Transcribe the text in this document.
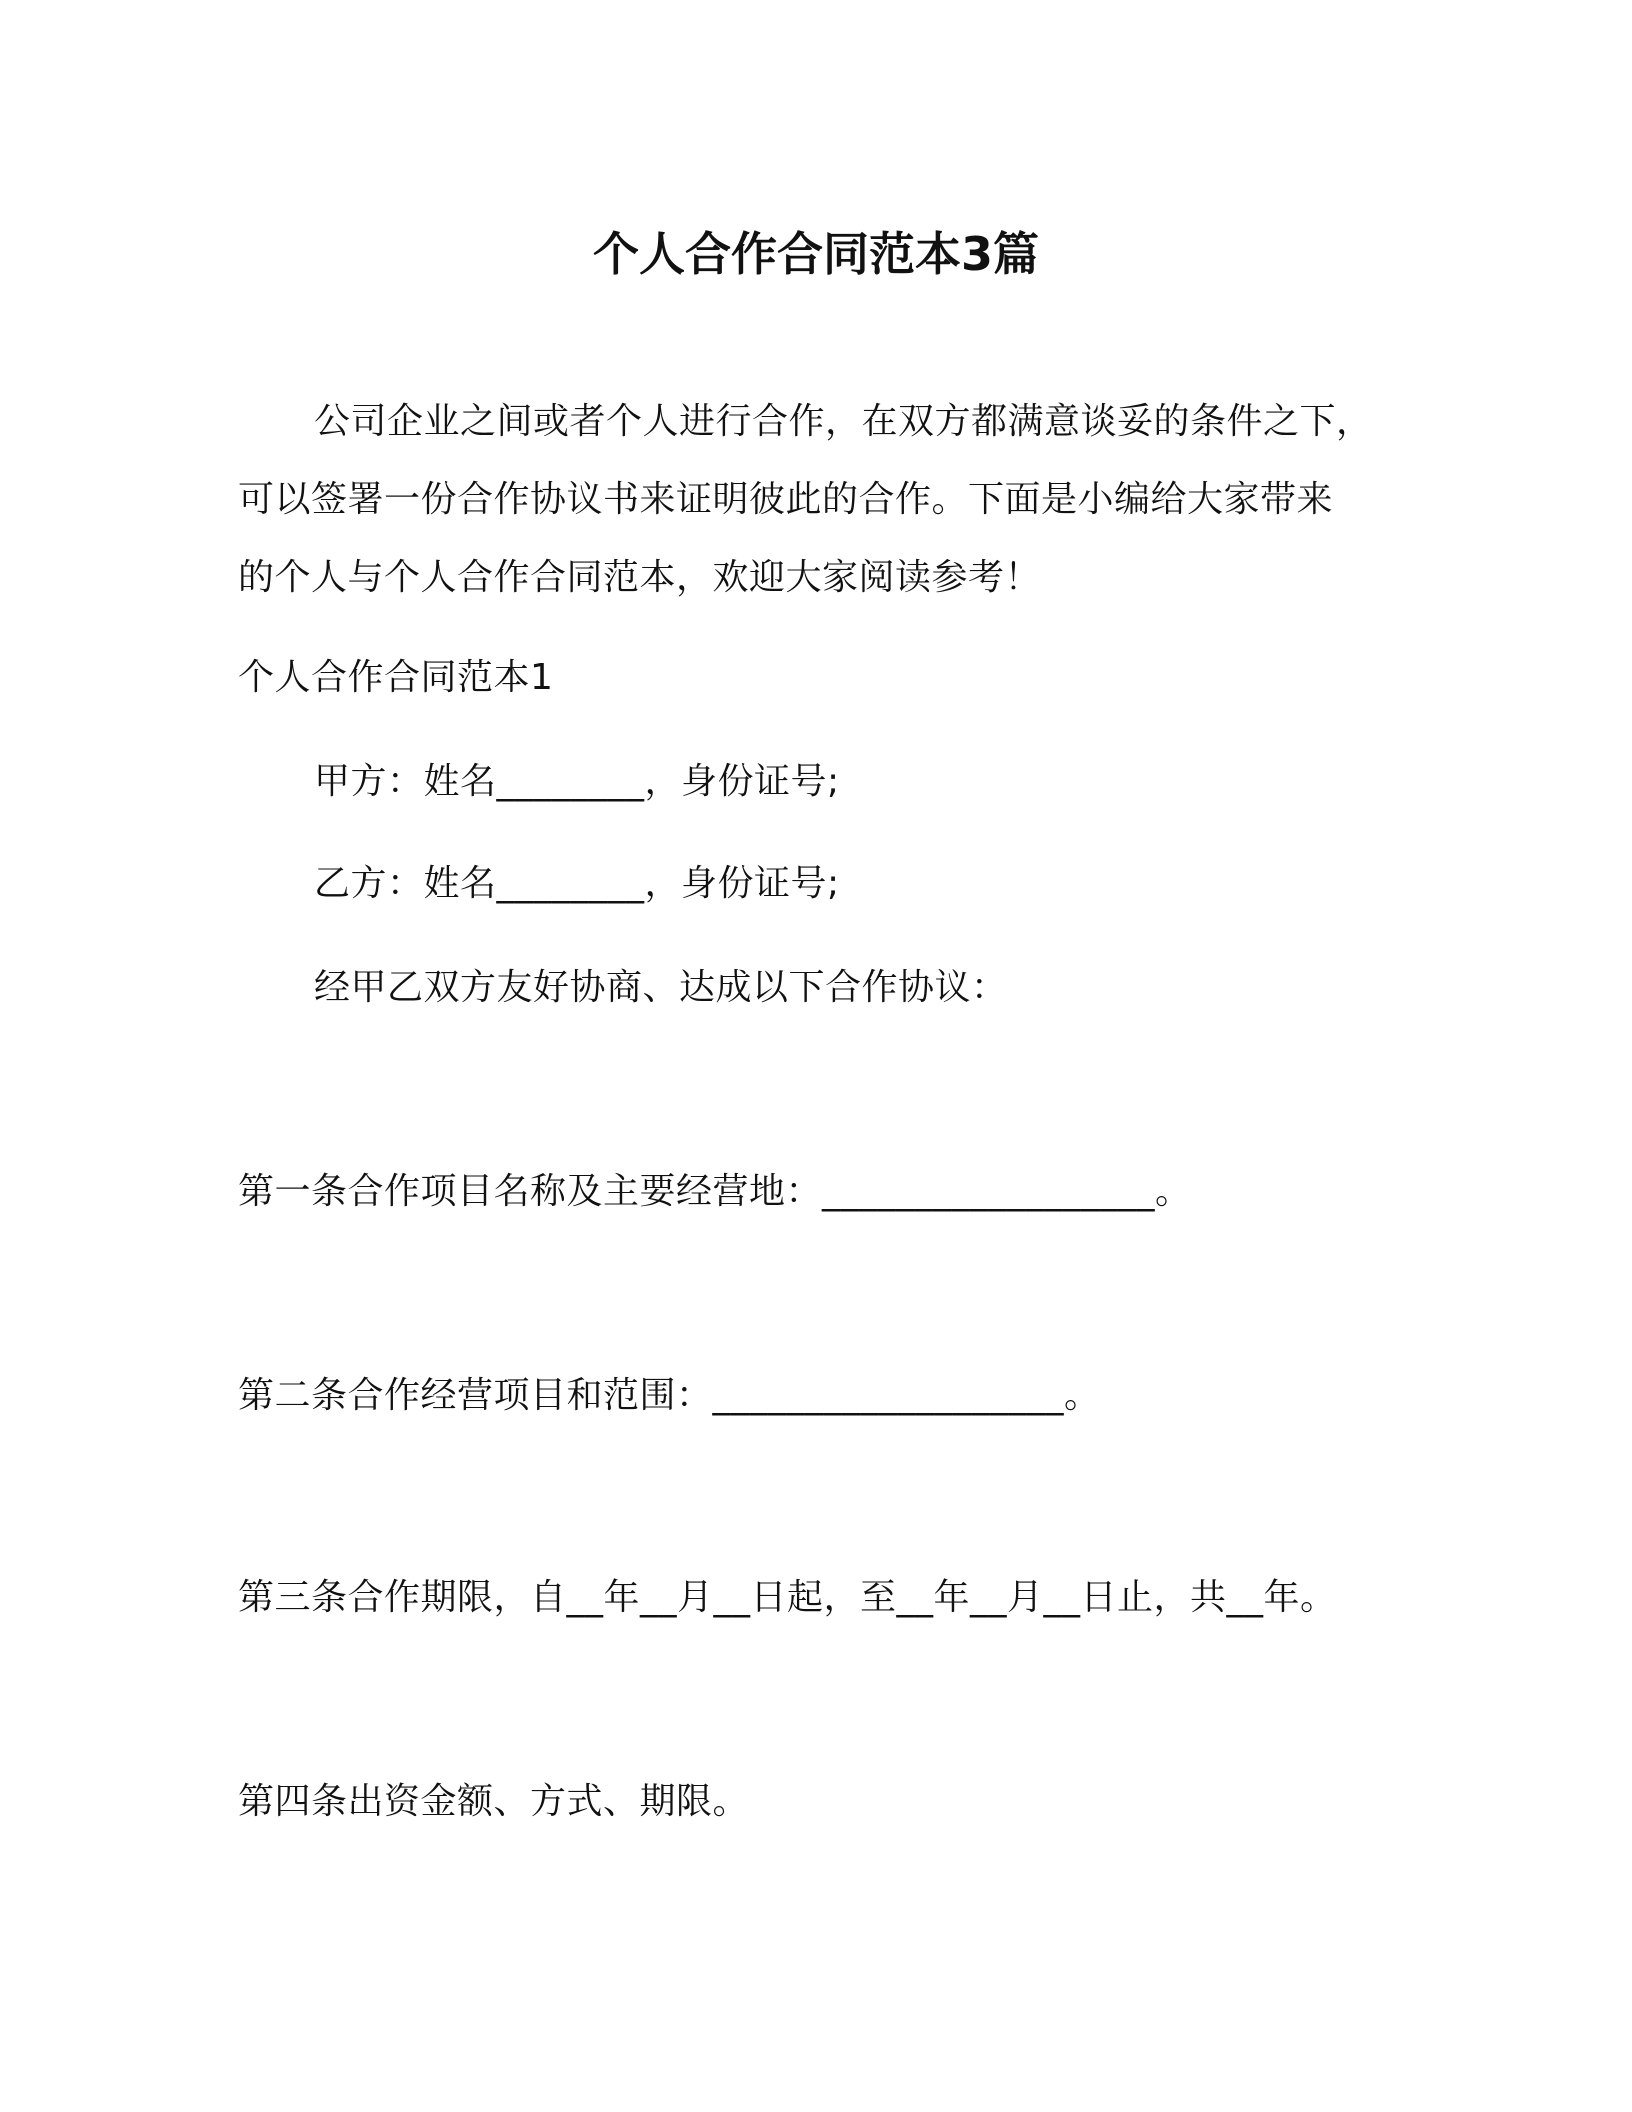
个人合作合同范本3篇
公司企业之间或者个人进行合作，在双方都满意谈妥的条件之下，
可以签署一份合作协议书来证明彼此的合作。下面是小编给大家带来
的个人与个人合作合同范本，欢迎大家阅读参考！
个人合作合同范本1
甲方：姓名________，身份证号;
乙方：姓名________，身份证号;
经甲乙双方友好协商、达成以下合作协议：
第一条合作项目名称及主要经营地：__________________。
第二条合作经营项目和范围：___________________。
第三条合作期限，自__年__月__日起，至__年__月__日止，共__年。
第四条出资金额、方式、期限。
